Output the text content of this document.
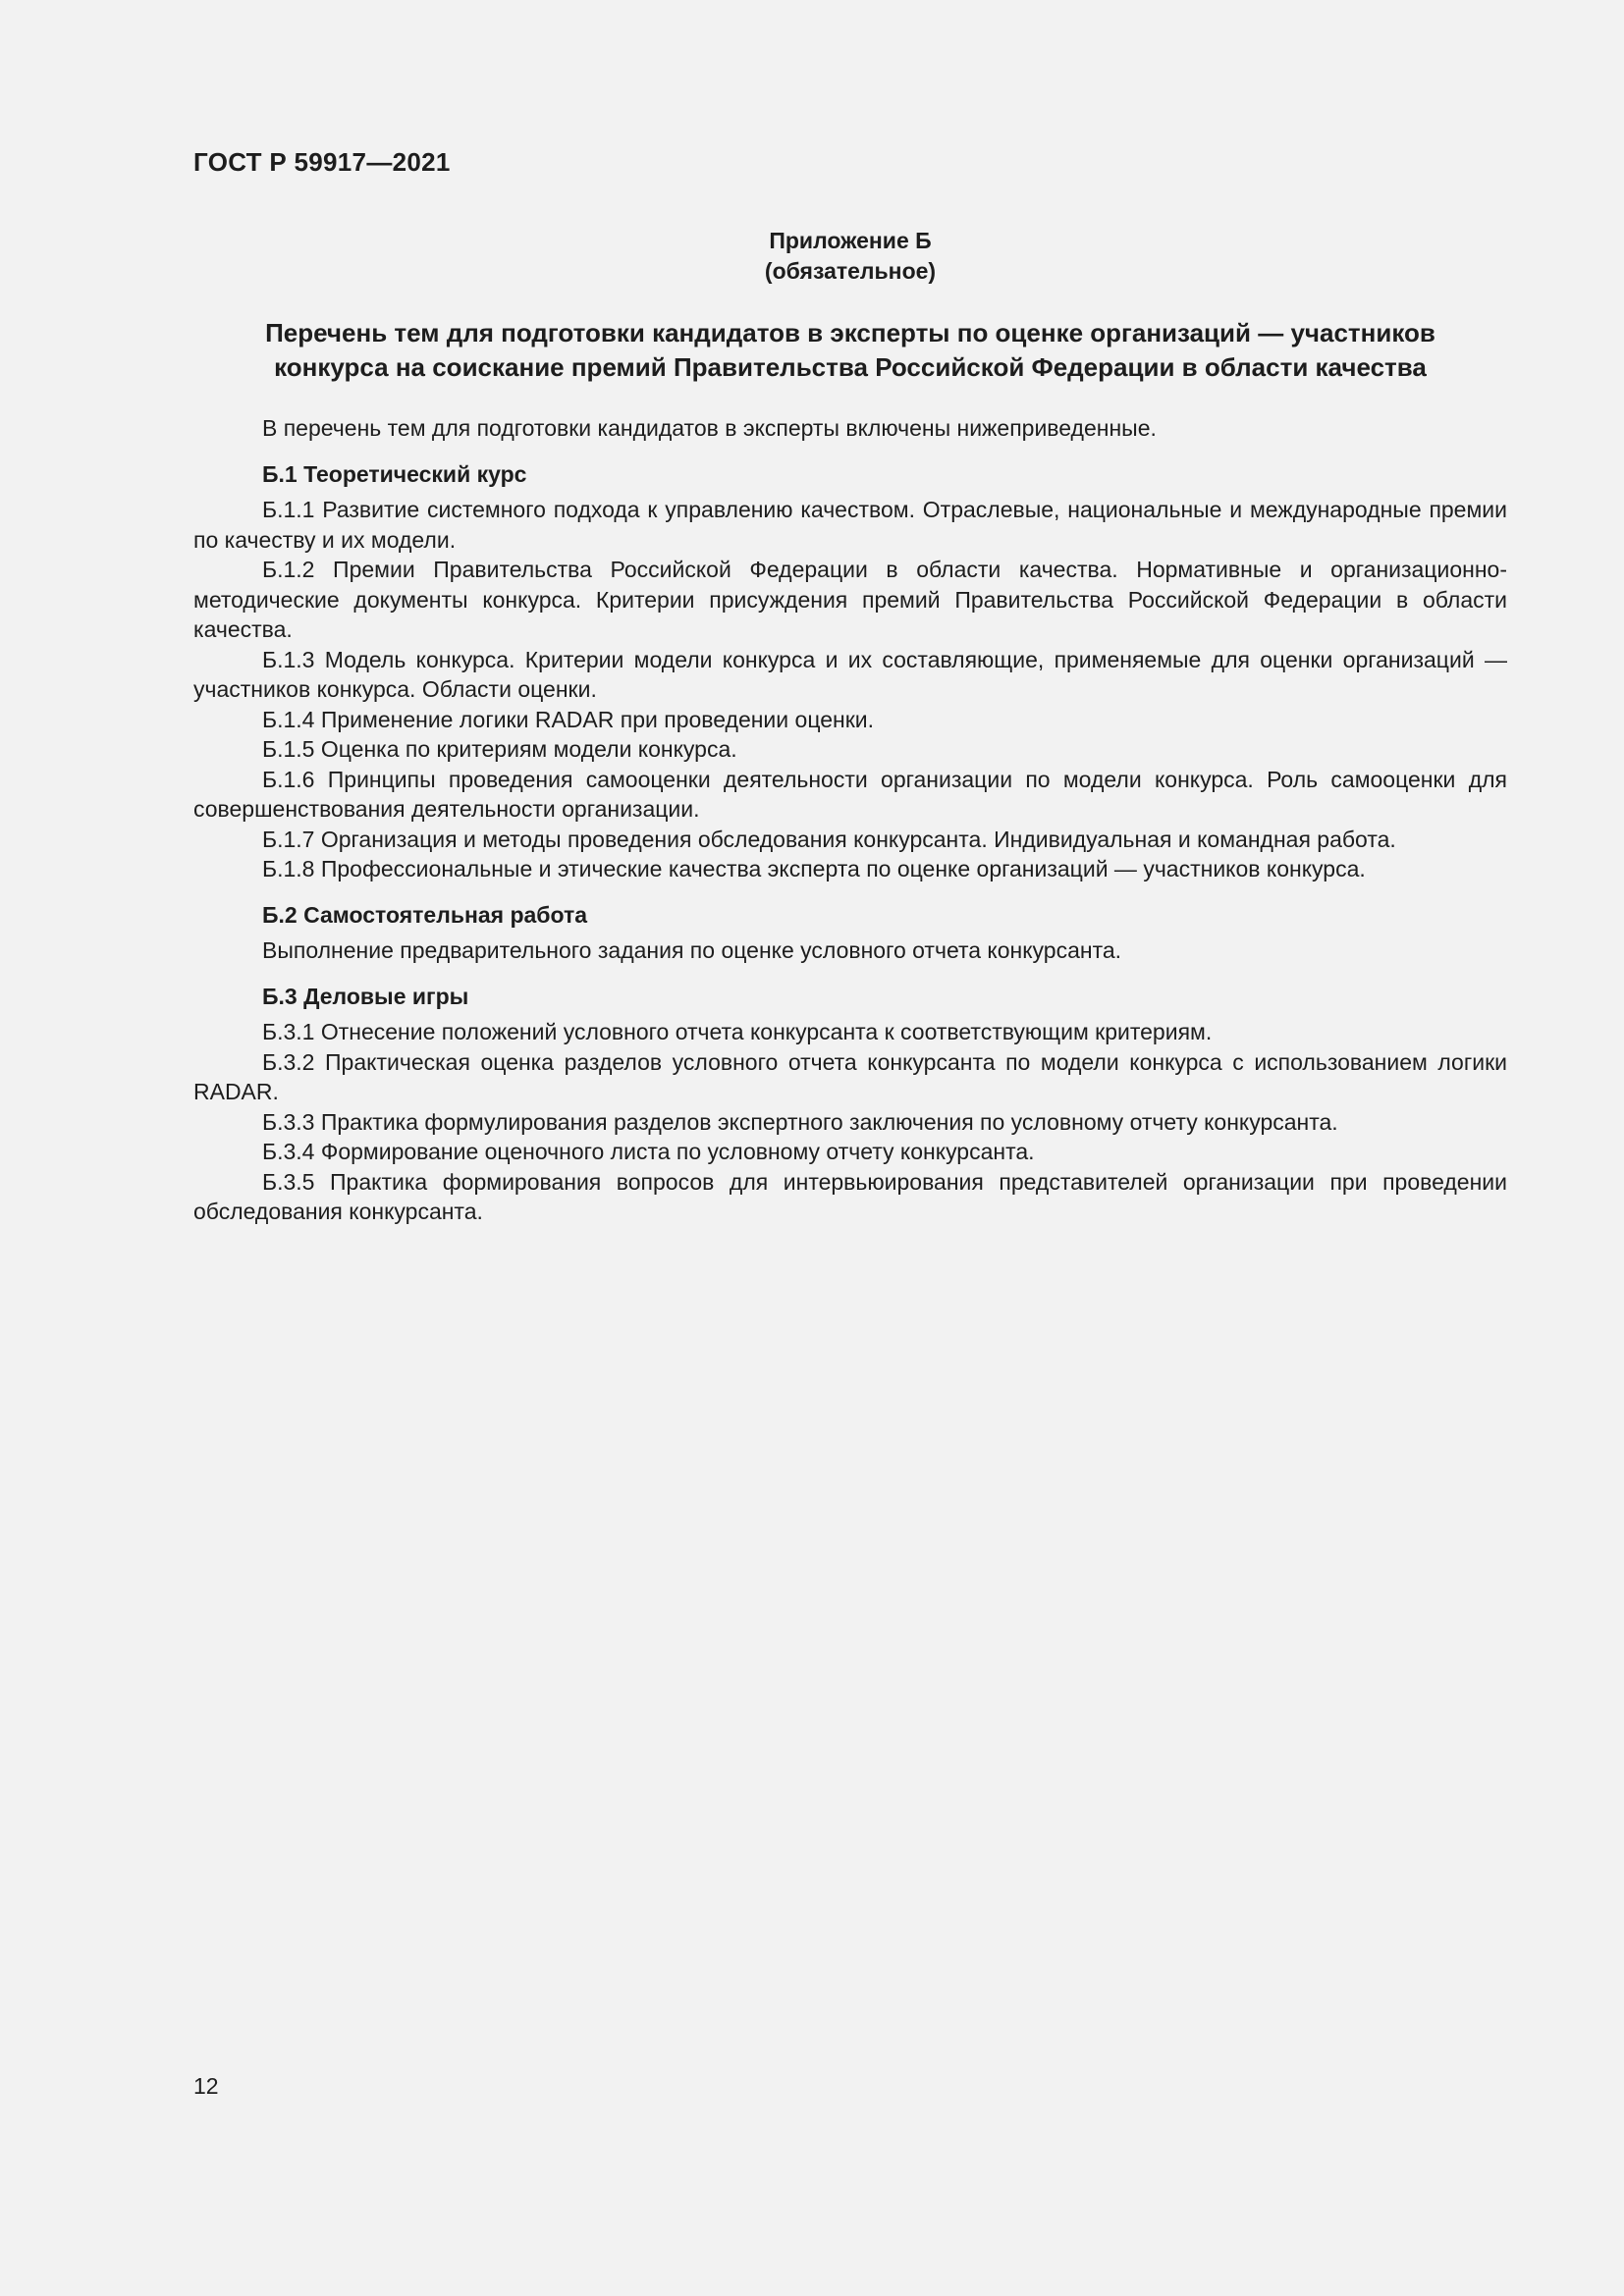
ГОСТ Р 59917—2021
Приложение Б
(обязательное)
Перечень тем для подготовки кандидатов в эксперты по оценке организаций — участников
конкурса на соискание премий Правительства Российской Федерации в области качества

В перечень тем для подготовки кандидатов в эксперты включены нижеприведенные.

Б.1 Теоретический курс

Б.1.1 Развитие системного подхода к управлению качеством. Отраслевые, национальные и международные премии по качеству и их модели.

Б.1.2 Премии Правительства Российской Федерации в области качества. Нормативные и организационно-методические документы конкурса. Критерии присуждения премий Правительства Российской Федерации в области качества.

Б.1.3 Модель конкурса. Критерии модели конкурса и их составляющие, применяемые для оценки организаций — участников конкурса. Области оценки.

Б.1.4 Применение логики RADAR при проведении оценки.

Б.1.5 Оценка по критериям модели конкурса.

Б.1.6 Принципы проведения самооценки деятельности организации по модели конкурса. Роль самооценки для совершенствования деятельности организации.

Б.1.7 Организация и методы проведения обследования конкурсанта. Индивидуальная и командная работа.

Б.1.8 Профессиональные и этические качества эксперта по оценке организаций — участников конкурса.

Б.2 Самостоятельная работа

Выполнение предварительного задания по оценке условного отчета конкурсанта.

Б.3 Деловые игры

Б.3.1 Отнесение положений условного отчета конкурсанта к соответствующим критериям.

Б.3.2 Практическая оценка разделов условного отчета конкурсанта по модели конкурса с использованием логики RADAR.

Б.3.3 Практика формулирования разделов экспертного заключения по условному отчету конкурсанта.

Б.3.4 Формирование оценочного листа по условному отчету конкурсанта.

Б.3.5 Практика формирования вопросов для интервьюирования представителей организации при проведении обследования конкурсанта.

12
